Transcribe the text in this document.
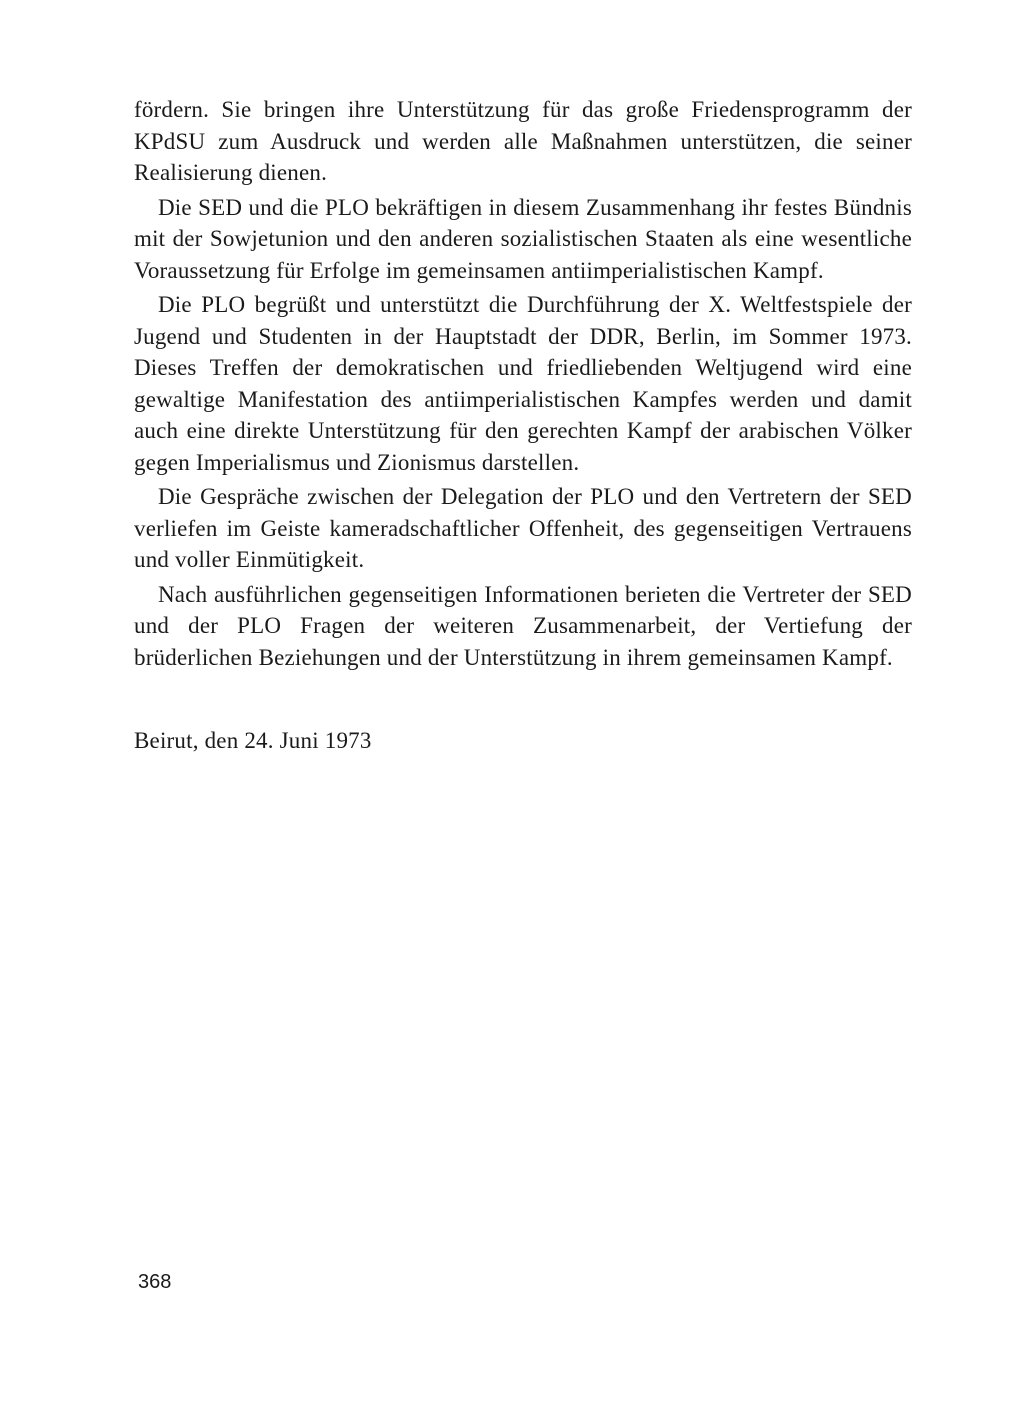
fördern. Sie bringen ihre Unterstützung für das große Friedensprogramm der KPdSU zum Ausdruck und werden alle Maßnahmen unterstützen, die seiner Realisierung dienen.

Die SED und die PLO bekräftigen in diesem Zusammenhang ihr festes Bündnis mit der Sowjetunion und den anderen sozialistischen Staaten als eine wesentliche Voraussetzung für Erfolge im gemeinsamen antiimperialistischen Kampf.

Die PLO begrüßt und unterstützt die Durchführung der X. Weltfestspiele der Jugend und Studenten in der Hauptstadt der DDR, Berlin, im Sommer 1973. Dieses Treffen der demokratischen und friedliebenden Weltjugend wird eine gewaltige Manifestation des antiimperialistischen Kampfes werden und damit auch eine direkte Unterstützung für den gerechten Kampf der arabischen Völker gegen Imperialismus und Zionismus darstellen.

Die Gespräche zwischen der Delegation der PLO und den Vertretern der SED verliefen im Geiste kameradschaftlicher Offenheit, des gegenseitigen Vertrauens und voller Einmütigkeit.

Nach ausführlichen gegenseitigen Informationen berieten die Vertreter der SED und der PLO Fragen der weiteren Zusammenarbeit, der Vertiefung der brüderlichen Beziehungen und der Unterstützung in ihrem gemeinsamen Kampf.

Beirut, den 24. Juni 1973
368
